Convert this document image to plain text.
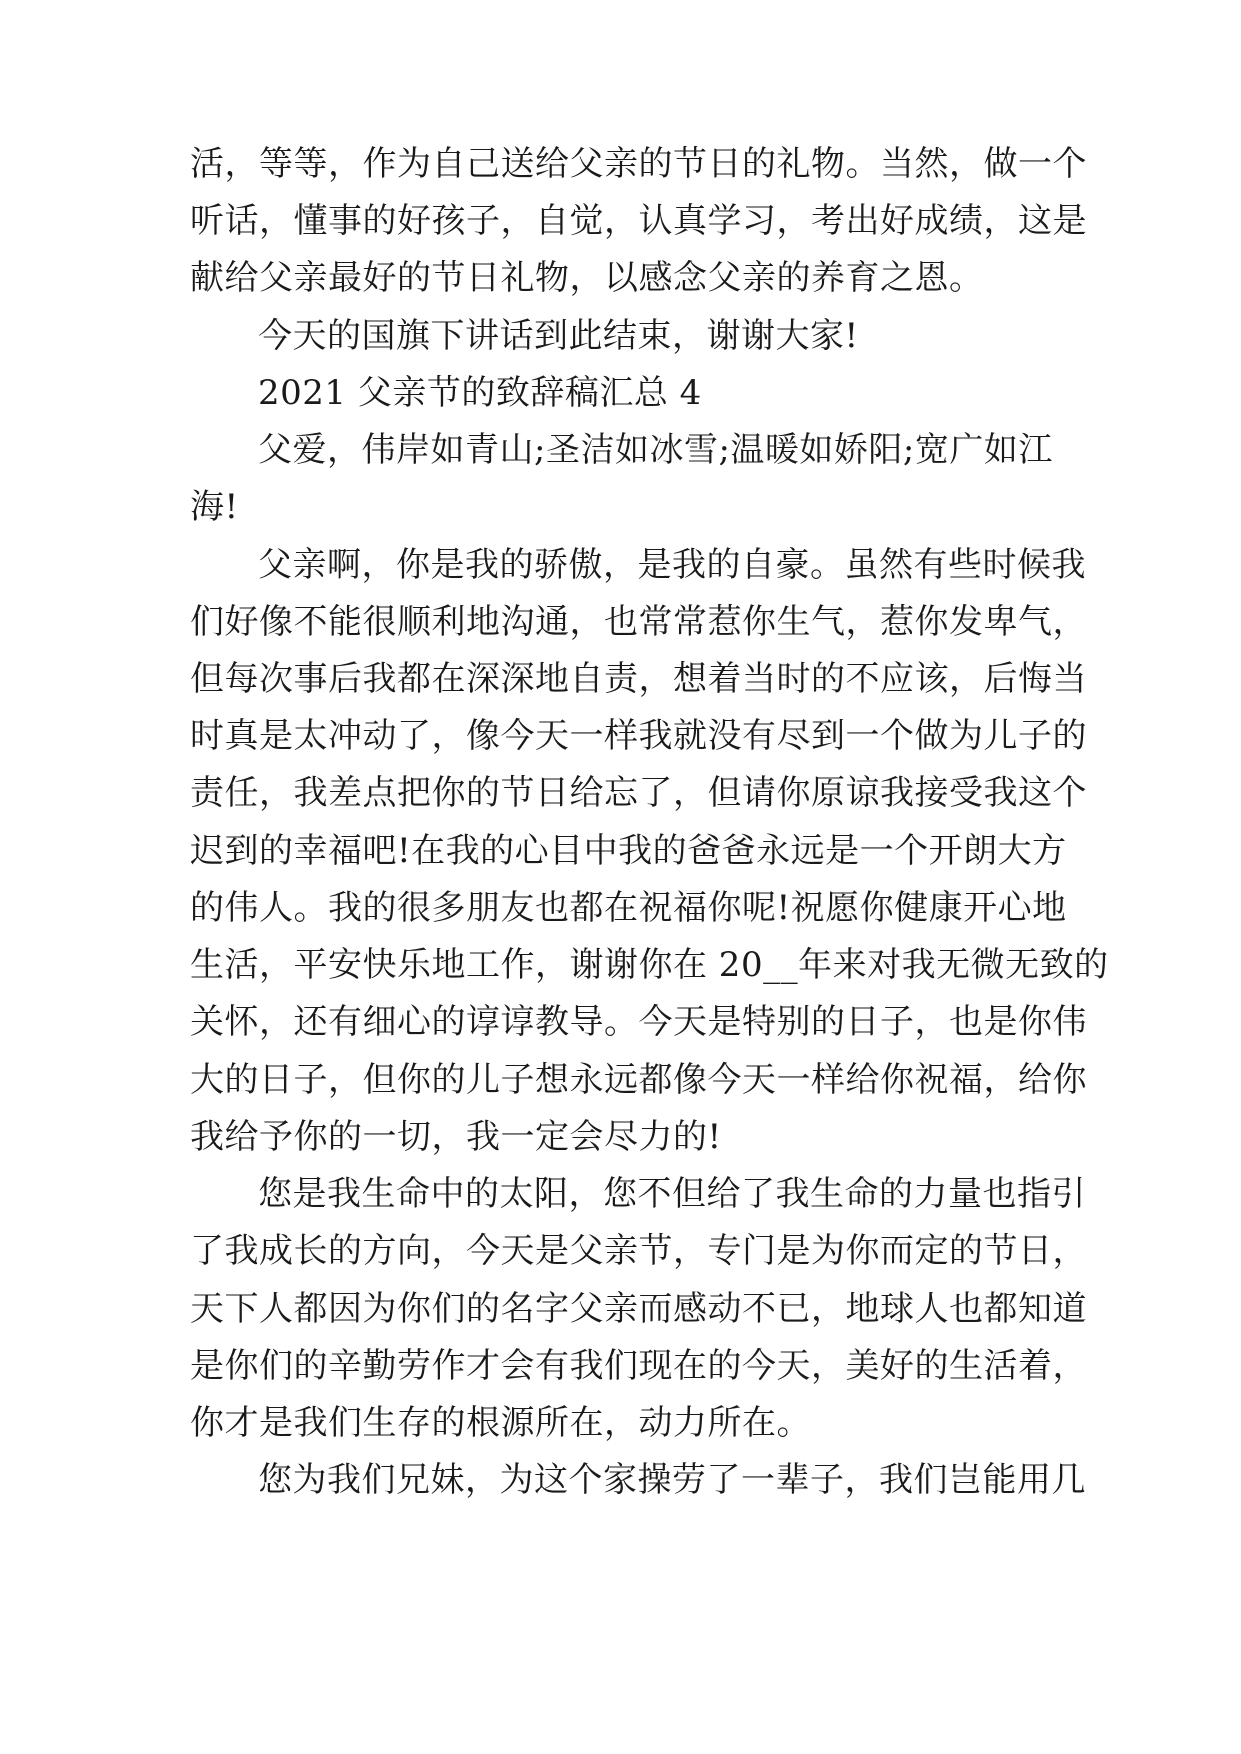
活，等等，作为自己送给父亲的节日的礼物。当然，做一个
听话，懂事的好孩子，自觉，认真学习，考出好成绩，这是
献给父亲最好的节日礼物，以感念父亲的养育之恩。
今天的国旗下讲话到此结束，谢谢大家!
2021 父亲节的致辞稿汇总 4
父爱，伟岸如青山;圣洁如冰雪;温暖如娇阳;宽广如江
海!
父亲啊，你是我的骄傲，是我的自豪。虽然有些时候我
们好像不能很顺利地沟通，也常常惹你生气，惹你发卑气，
但每次事后我都在深深地自责，想着当时的不应该，后悔当
时真是太冲动了，像今天一样我就没有尽到一个做为儿子的
责任，我差点把你的节日给忘了，但请你原谅我接受我这个
迟到的幸福吧!在我的心目中我的爸爸永远是一个开朗大方
的伟人。我的很多朋友也都在祝福你呢!祝愿你健康开心地
生活，平安快乐地工作，谢谢你在 20__年来对我无微无致的
关怀，还有细心的谆谆教导。今天是特别的日子，也是你伟
大的日子，但你的儿子想永远都像今天一样给你祝福，给你
我给予你的一切，我一定会尽力的!
您是我生命中的太阳，您不但给了我生命的力量也指引
了我成长的方向，今天是父亲节，专门是为你而定的节日，
天下人都因为你们的名字父亲而感动不已，地球人也都知道
是你们的辛勤劳作才会有我们现在的今天，美好的生活着，
你才是我们生存的根源所在，动力所在。
您为我们兄妹，为这个家操劳了一辈子，我们岂能用几
